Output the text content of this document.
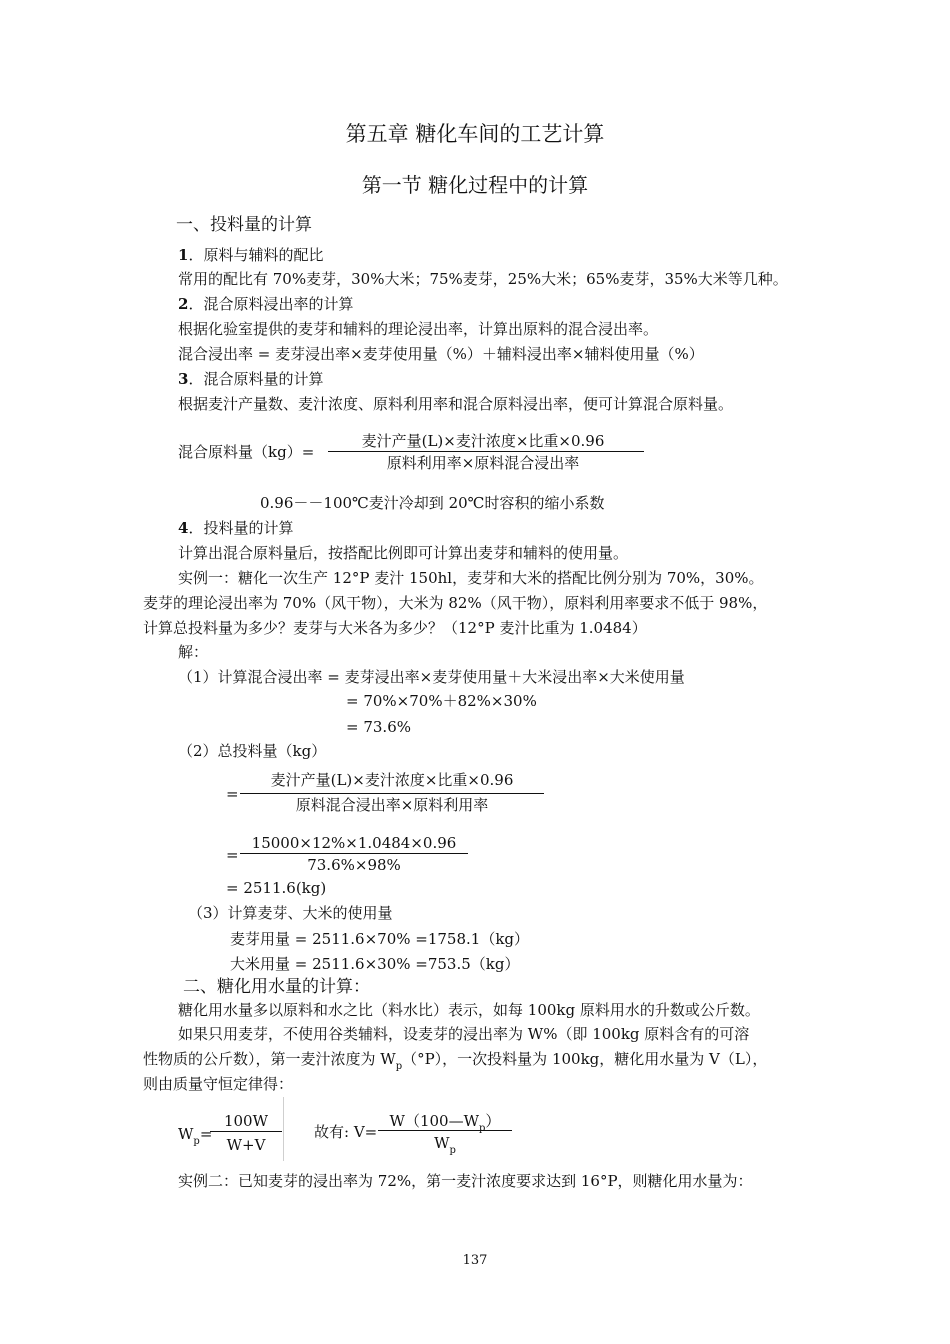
第五章 糖化车间的工艺计算
第一节 糖化过程中的计算
一、投料量的计算
1．原料与辅料的配比
常用的配比有 70%麦芽，30%大米；75%麦芽，25%大米；65%麦芽，35%大米等几种。
2．混合原料浸出率的计算
根据化验室提供的麦芽和辅料的理论浸出率，计算出原料的混合浸出率。
混合浸出率 = 麦芽浸出率×麦芽使用量（%）＋辅料浸出率×辅料使用量（%）
3．混合原料量的计算
根据麦汁产量数、麦汁浓度、原料利用率和混合原料浸出率，便可计算混合原料量。
混合原料量（kg）=
麦汁产量(L)×麦汁浓度×比重×0.96
原料利用率×原料混合浸出率
0.96－－100℃麦汁冷却到 20℃时容积的缩小系数
4．投料量的计算
计算出混合原料量后，按搭配比例即可计算出麦芽和辅料的使用量。
实例一：糖化一次生产 12°P 麦汁 150hl，麦芽和大米的搭配比例分别为 70%，30%。
麦芽的理论浸出率为 70%（风干物），大米为 82%（风干物），原料利用率要求不低于 98%，
计算总投料量为多少？麦芽与大米各为多少？（12°P 麦汁比重为 1.0484）
解：
（1）计算混合浸出率 = 麦芽浸出率×麦芽使用量＋大米浸出率×大米使用量
= 70%×70%＋82%×30%
= 73.6%
（2）总投料量（kg）
=
麦汁产量(L)×麦汁浓度×比重×0.96
原料混合浸出率×原料利用率
=
15000×12%×1.0484×0.96
73.6%×98%
= 2511.6(kg)
（3）计算麦芽、大米的使用量
麦芽用量 = 2511.6×70% =1758.1（kg）
大米用量 = 2511.6×30% =753.5（kg）
二、糖化用水量的计算：
糖化用水量多以原料和水之比（料水比）表示，如每 100kg 原料用水的升数或公斤数。
如果只用麦芽，不使用谷类辅料，设麦芽的浸出率为 W%（即 100kg 原料含有的可溶
性物质的公斤数），第一麦汁浓度为 $W_p(^\circ P)$，一次投料量为 100kg，糖化用水量为 V（L），
则由质量守恒定律得：
$W_p=$
100W
W+V
故有: V=
$W(100—W_p)$
$W_p$
实例二：已知麦芽的浸出率为 72%，第一麦汁浓度要求达到 16°P，则糖化用水量为：
137
